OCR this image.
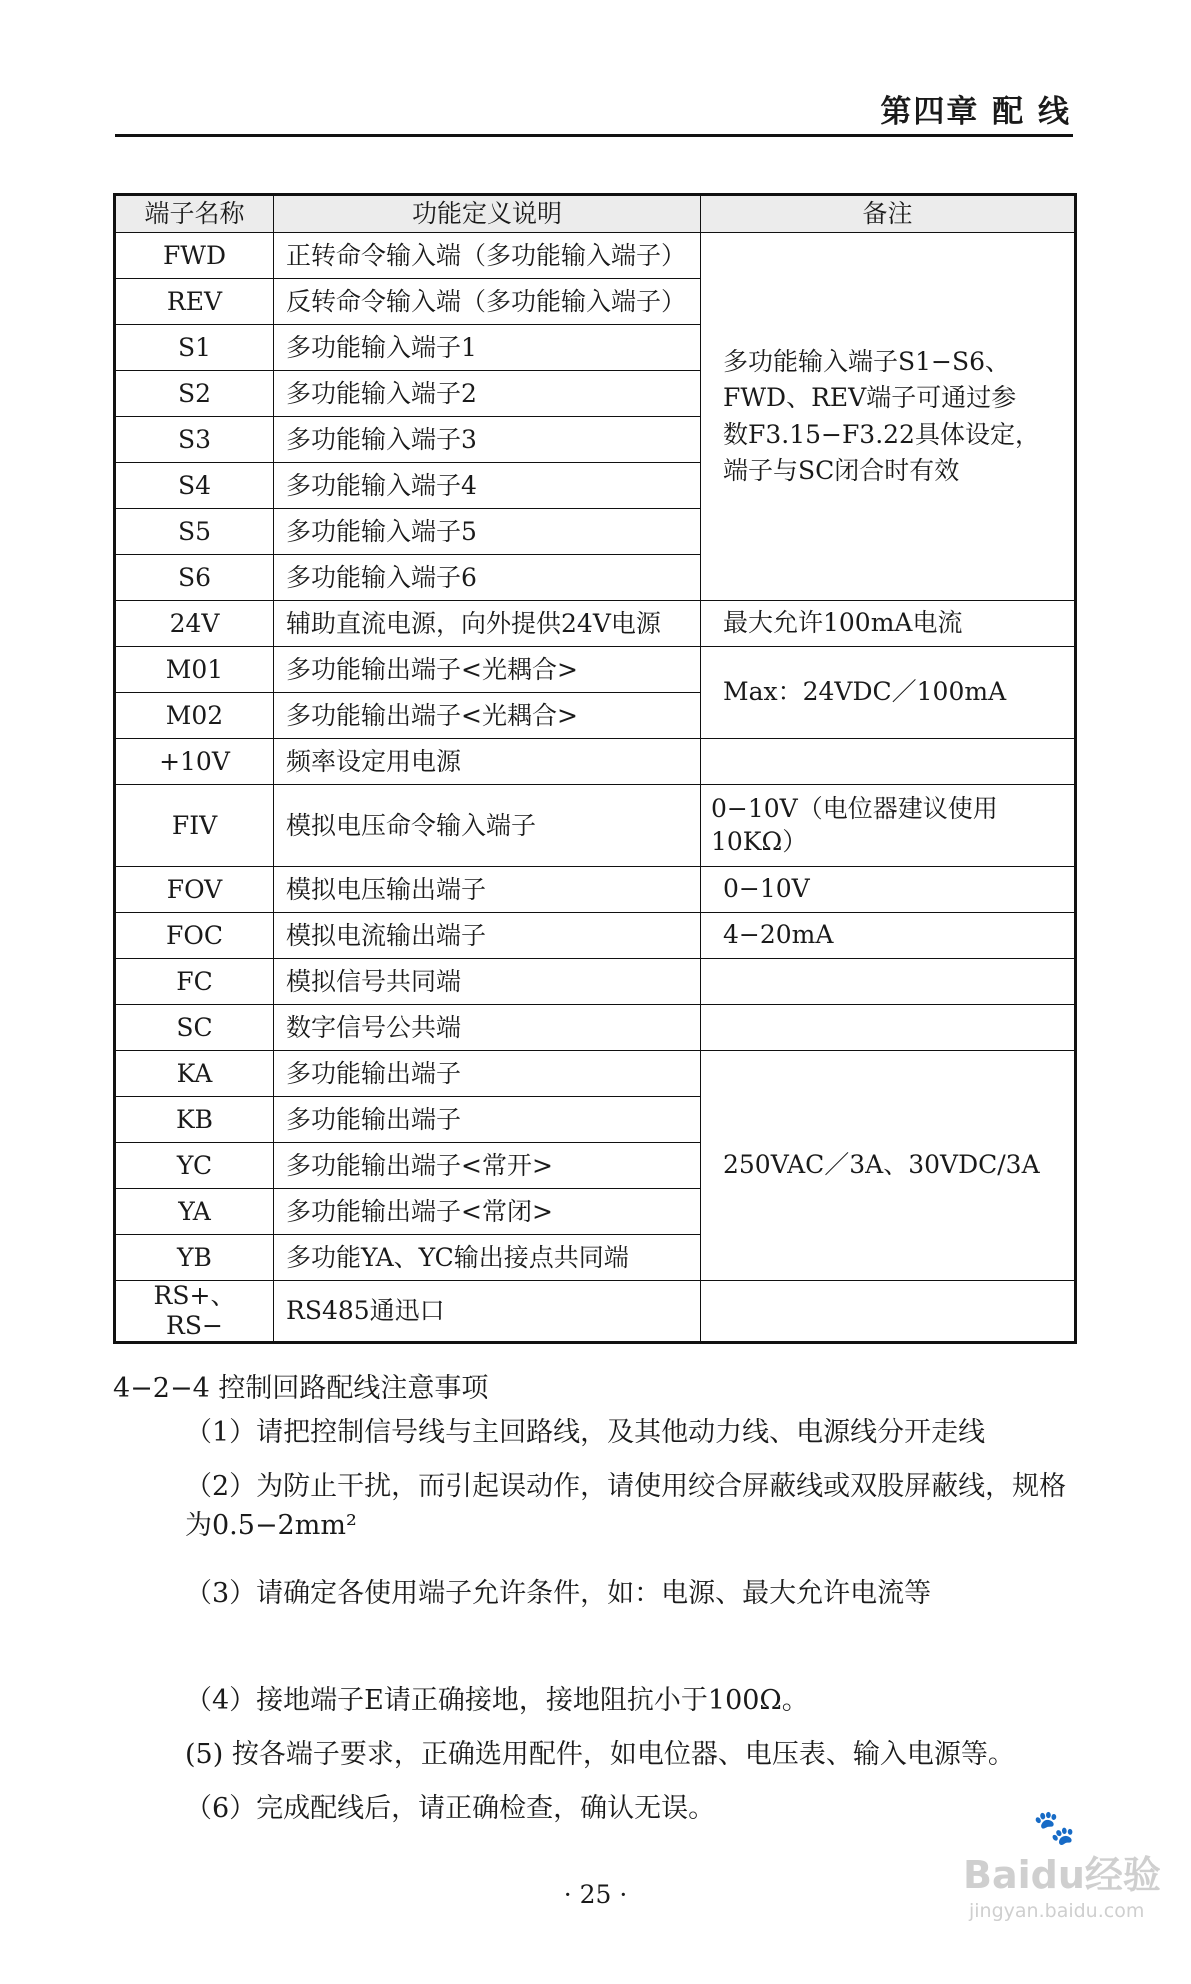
第四章 配 线
端子名称	功能定义说明	备注
FWD	正转命令输入端（多功能输入端子）	多功能输入端子S1−S6、
FWD、REV端子可通过参
数F3.15−F3.22具体设定，
端子与SC闭合时有效

REV	反转命令输入端（多功能输入端子）	
S1	多功能输入端子1	
S2	多功能输入端子2	
S3	多功能输入端子3	
S4	多功能输入端子4	
S5	多功能输入端子5	
S6	多功能输入端子6	
24V	辅助直流电源，向外提供24V电源	最大允许100mA电流
M01	多功能输出端子<光耦合>	Max：24VDC／100mA
M02	多功能输出端子<光耦合>	
+10V	频率设定用电源	
FIV	模拟电压命令输入端子	0−10V（电位器建议使用
10KΩ）

FOV	模拟电压输出端子	0−10V
FOC	模拟电流输出端子	4−20mA
FC	模拟信号共同端	
SC	数字信号公共端	
KA	多功能输出端子	250VAC／3A、30VDC/3A
KB	多功能输出端子	
YC	多功能输出端子<常开>	
YA	多功能输出端子<常闭>	
YB	多功能YA、YC输出接点共同端	
RS+、RS−	RS485通迅口	
4−2−4 控制回路配线注意事项
（1）请把控制信号线与主回路线，及其他动力线、电源线分开走线
（2）为防止干扰，而引起误动作，请使用绞合屏蔽线或双股屏蔽线，规格为0.5−2mm²
（3）请确定各使用端子允许条件，如：电源、最大允许电流等
（4）接地端子E请正确接地，接地阻抗小于100Ω。
(5) 按各端子要求，正确选用配件，如电位器、电压表、输入电源等。
（6）完成配线后，请正确检查，确认无误。
· 25 ·
🐾
Baidu经验
jingyan.baidu.com
